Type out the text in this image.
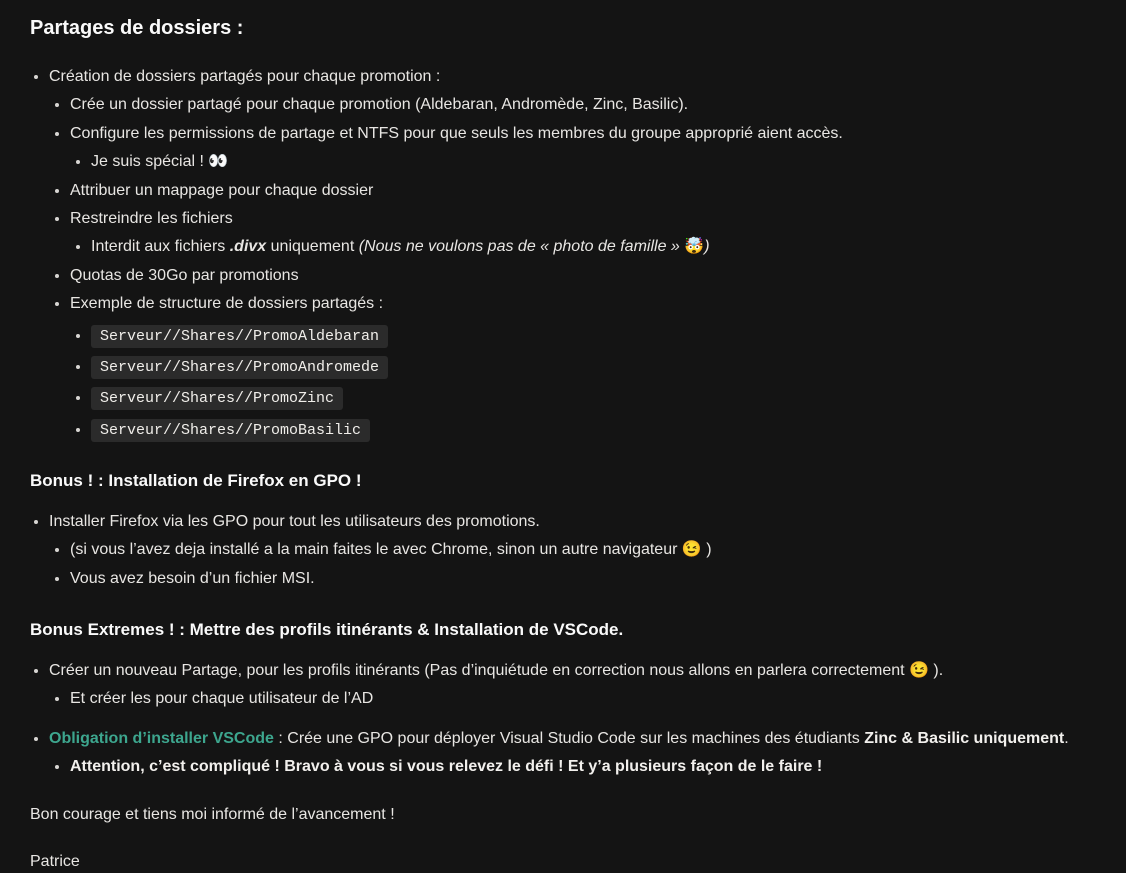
Partages de dossiers :
• Création de dossiers partagés pour chaque promotion :
• Crée un dossier partagé pour chaque promotion (Aldebaran, Andromède, Zinc, Basilic).
• Configure les permissions de partage et NTFS pour que seuls les membres du groupe approprié aient accès.
• Je suis spécial ! 👀
• Attribuer un mappage pour chaque dossier
• Restreindre les fichiers
• Interdit aux fichiers .divx uniquement (Nous ne voulons pas de « photo de famille » 🤯)
• Quotas de 30Go par promotions
• Exemple de structure de dossiers partagés :
• Serveur//Shares//PromoAldebaran
• Serveur//Shares//PromoAndromede
• Serveur//Shares//PromoZinc
• Serveur//Shares//PromoBasilic
Bonus ! : Installation de Firefox en GPO !
• Installer Firefox via les GPO pour tout les utilisateurs des promotions.
• (si vous l’avez deja installé a la main faites le avec Chrome, sinon un autre navigateur 😉 )
• Vous avez besoin d’un fichier MSI.
Bonus Extremes ! : Mettre des profils itinérants & Installation de VSCode.
• Créer un nouveau Partage, pour les profils itinérants (Pas d’inquiétude en correction nous allons en parlera correctement 😉 ).
• Et créer les pour chaque utilisateur de l’AD
• Obligation d’installer VSCode : Crée une GPO pour déployer Visual Studio Code sur les machines des étudiants Zinc & Basilic uniquement.
• Attention, c’est compliqué ! Bravo à vous si vous relevez le défi ! Et y’a plusieurs façon de le faire !

Bon courage et tiens moi informé de l’avancement !

Patrice
